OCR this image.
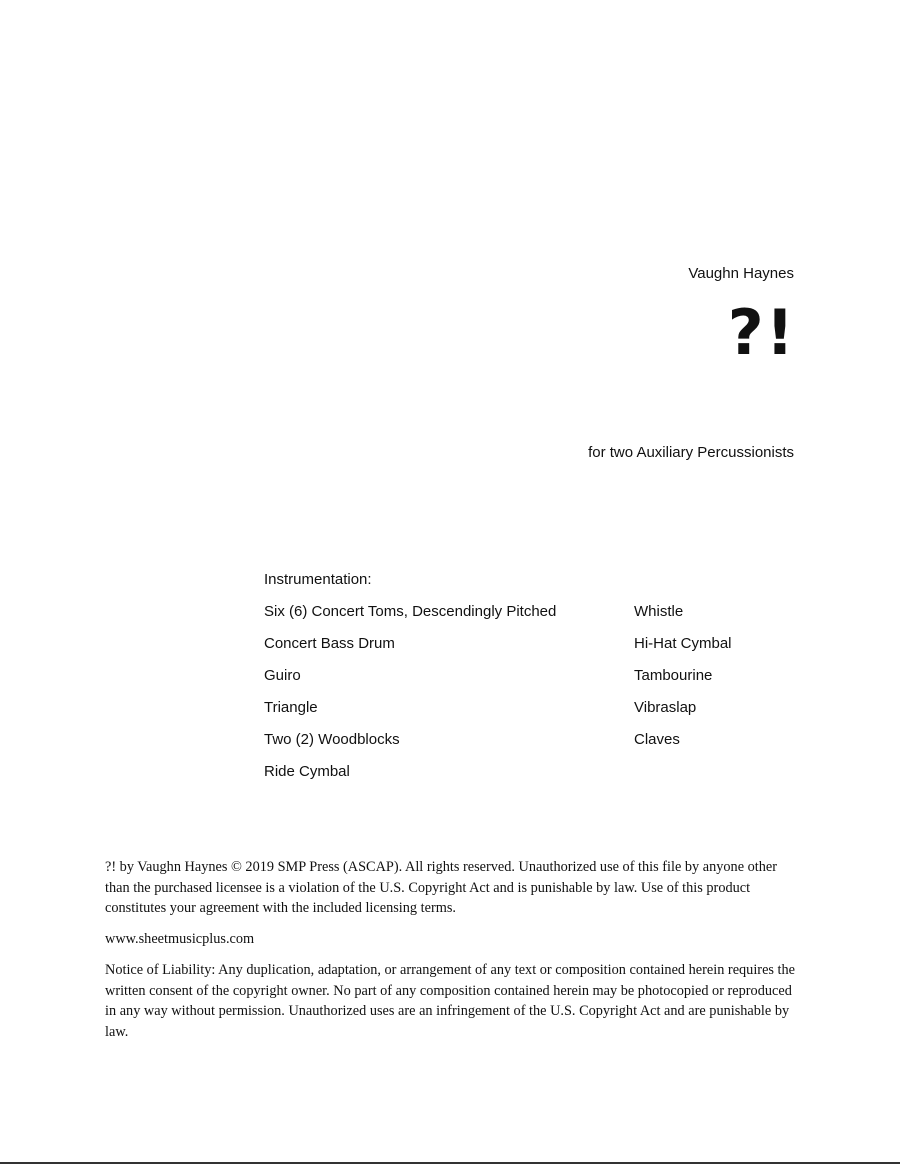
Vaughn Haynes
?!
for two Auxiliary Percussionists
Instrumentation:
Six (6) Concert Toms, Descendingly Pitched
Concert Bass Drum
Guiro
Triangle
Two (2) Woodblocks
Ride Cymbal
Whistle
Hi-Hat Cymbal
Tambourine
Vibraslap
Claves

?! by Vaughn Haynes © 2019 SMP Press (ASCAP). All rights reserved. Unauthorized use of this file by anyone other than the purchased licensee is a violation of the U.S. Copyright Act and is punishable by law. Use of this product constitutes your agreement with the included licensing terms.

www.sheetmusicplus.com

Notice of Liability: Any duplication, adaptation, or arrangement of any text or composition contained herein requires the written consent of the copyright owner. No part of any composition contained herein may be photocopied or reproduced in any way without permission. Unauthorized uses are an infringement of the U.S. Copyright Act and are punishable by law.
